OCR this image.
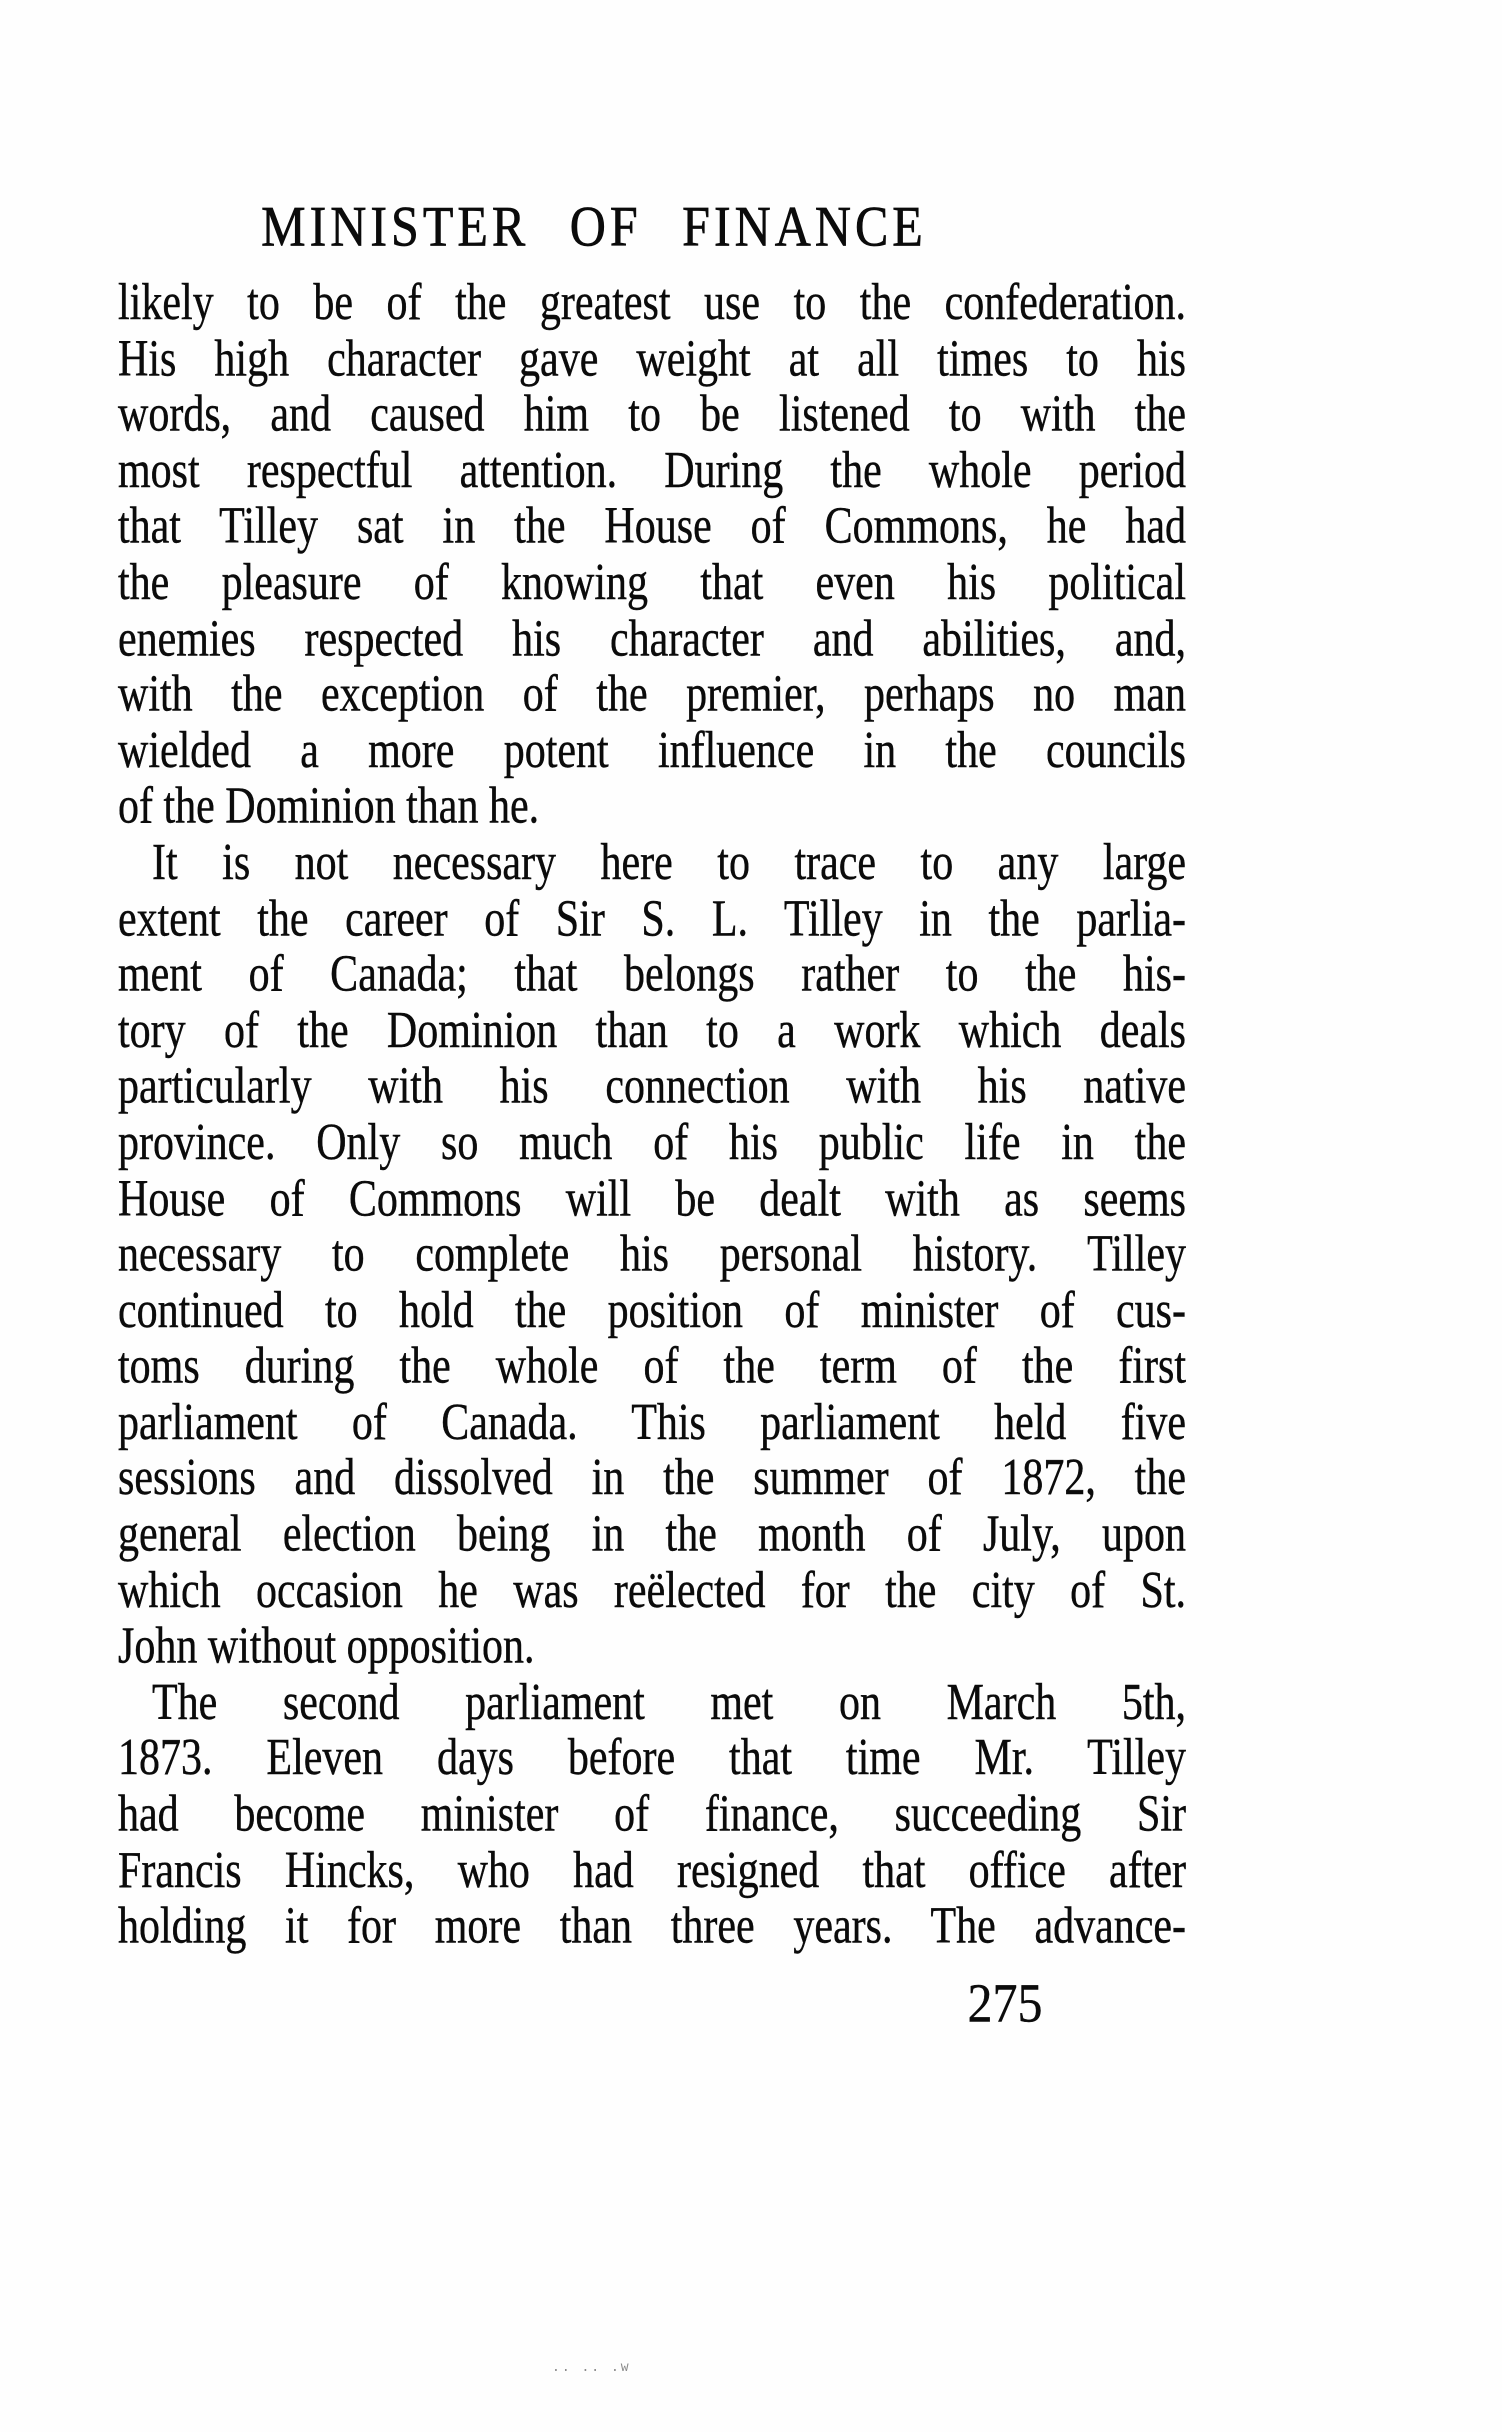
MINISTER OF FINANCE
likely to be of the greatest use to the confederation.
His high character gave weight at all times to his
words, and caused him to be listened to with the
most respectful attention. During the whole period
that Tilley sat in the House of Commons, he had
the pleasure of knowing that even his political
enemies respected his character and abilities, and,
with the exception of the premier, perhaps no man
wielded a more potent influence in the councils
of the Dominion than he.
It is not necessary here to trace to any large
extent the career of Sir S. L. Tilley in the parlia-
ment of Canada; that belongs rather to the his-
tory of the Dominion than to a work which deals
particularly with his connection with his native
province. Only so much of his public life in the
House of Commons will be dealt with as seems
necessary to complete his personal history. Tilley
continued to hold the position of minister of cus-
toms during the whole of the term of the first
parliament of Canada. This parliament held five
sessions and dissolved in the summer of 1872, the
general election being in the month of July, upon
which occasion he was reëlected for the city of St.
John without opposition.
The second parliament met on March 5th,
1873. Eleven days before that time Mr. Tilley
had become minister of finance, succeeding Sir
Francis Hincks, who had resigned that office after
holding it for more than three years. The advance-
275
.. .. .w
